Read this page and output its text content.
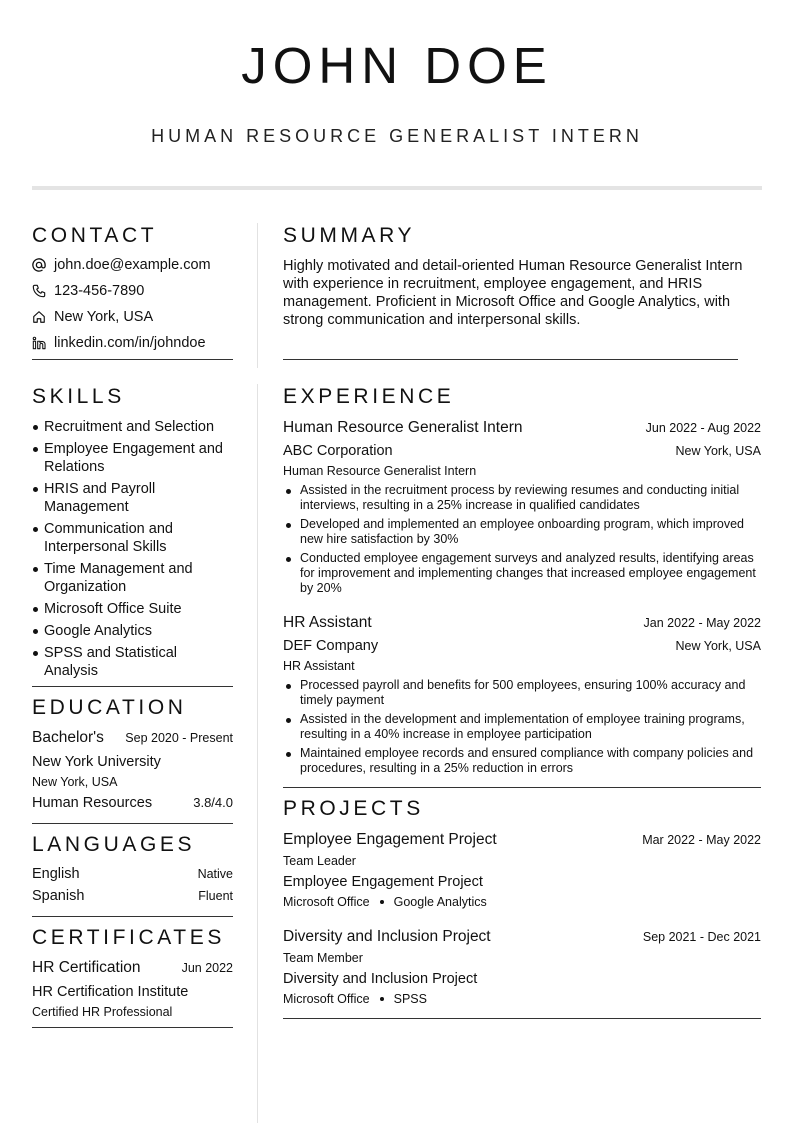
JOHN DOE
HUMAN RESOURCE GENERALIST INTERN
CONTACT
john.doe@example.com
123-456-7890
New York, USA
linkedin.com/in/johndoe
SKILLS
Recruitment and Selection
Employee Engagement and Relations
HRIS and Payroll Management
Communication and Interpersonal Skills
Time Management and Organization
Microsoft Office Suite
Google Analytics
SPSS and Statistical Analysis
EDUCATION
Bachelor's Sep 2020 - Present
New York University
New York, USA
Human Resources	3.8/4.0
LANGUAGES
English	Native
Spanish	Fluent
CERTIFICATES
HR Certification	Jun 2022
HR Certification Institute
Certified HR Professional
SUMMARY
Highly motivated and detail-oriented Human Resource Generalist Intern with experience in recruitment, employee engagement, and HRIS management. Proficient in Microsoft Office and Google Analytics, with strong communication and interpersonal skills.
EXPERIENCE
Human Resource Generalist Intern	Jun 2022 - Aug 2022
ABC Corporation	New York, USA
Human Resource Generalist Intern
Assisted in the recruitment process by reviewing resumes and conducting initial interviews, resulting in a 25% increase in qualified candidates
Developed and implemented an employee onboarding program, which improved new hire satisfaction by 30%
Conducted employee engagement surveys and analyzed results, identifying areas for improvement and implementing changes that increased employee engagement by 20%
HR Assistant	Jan 2022 - May 2022
DEF Company	New York, USA
HR Assistant
Processed payroll and benefits for 500 employees, ensuring 100% accuracy and timely payment
Assisted in the development and implementation of employee training programs, resulting in a 40% increase in employee participation
Maintained employee records and ensured compliance with company policies and procedures, resulting in a 25% reduction in errors
PROJECTS
Employee Engagement Project	Mar 2022 - May 2022
Team Leader
Employee Engagement Project
Microsoft Office Google Analytics
Diversity and Inclusion Project	Sep 2021 - Dec 2021
Team Member
Diversity and Inclusion Project
Microsoft Office SPSS
